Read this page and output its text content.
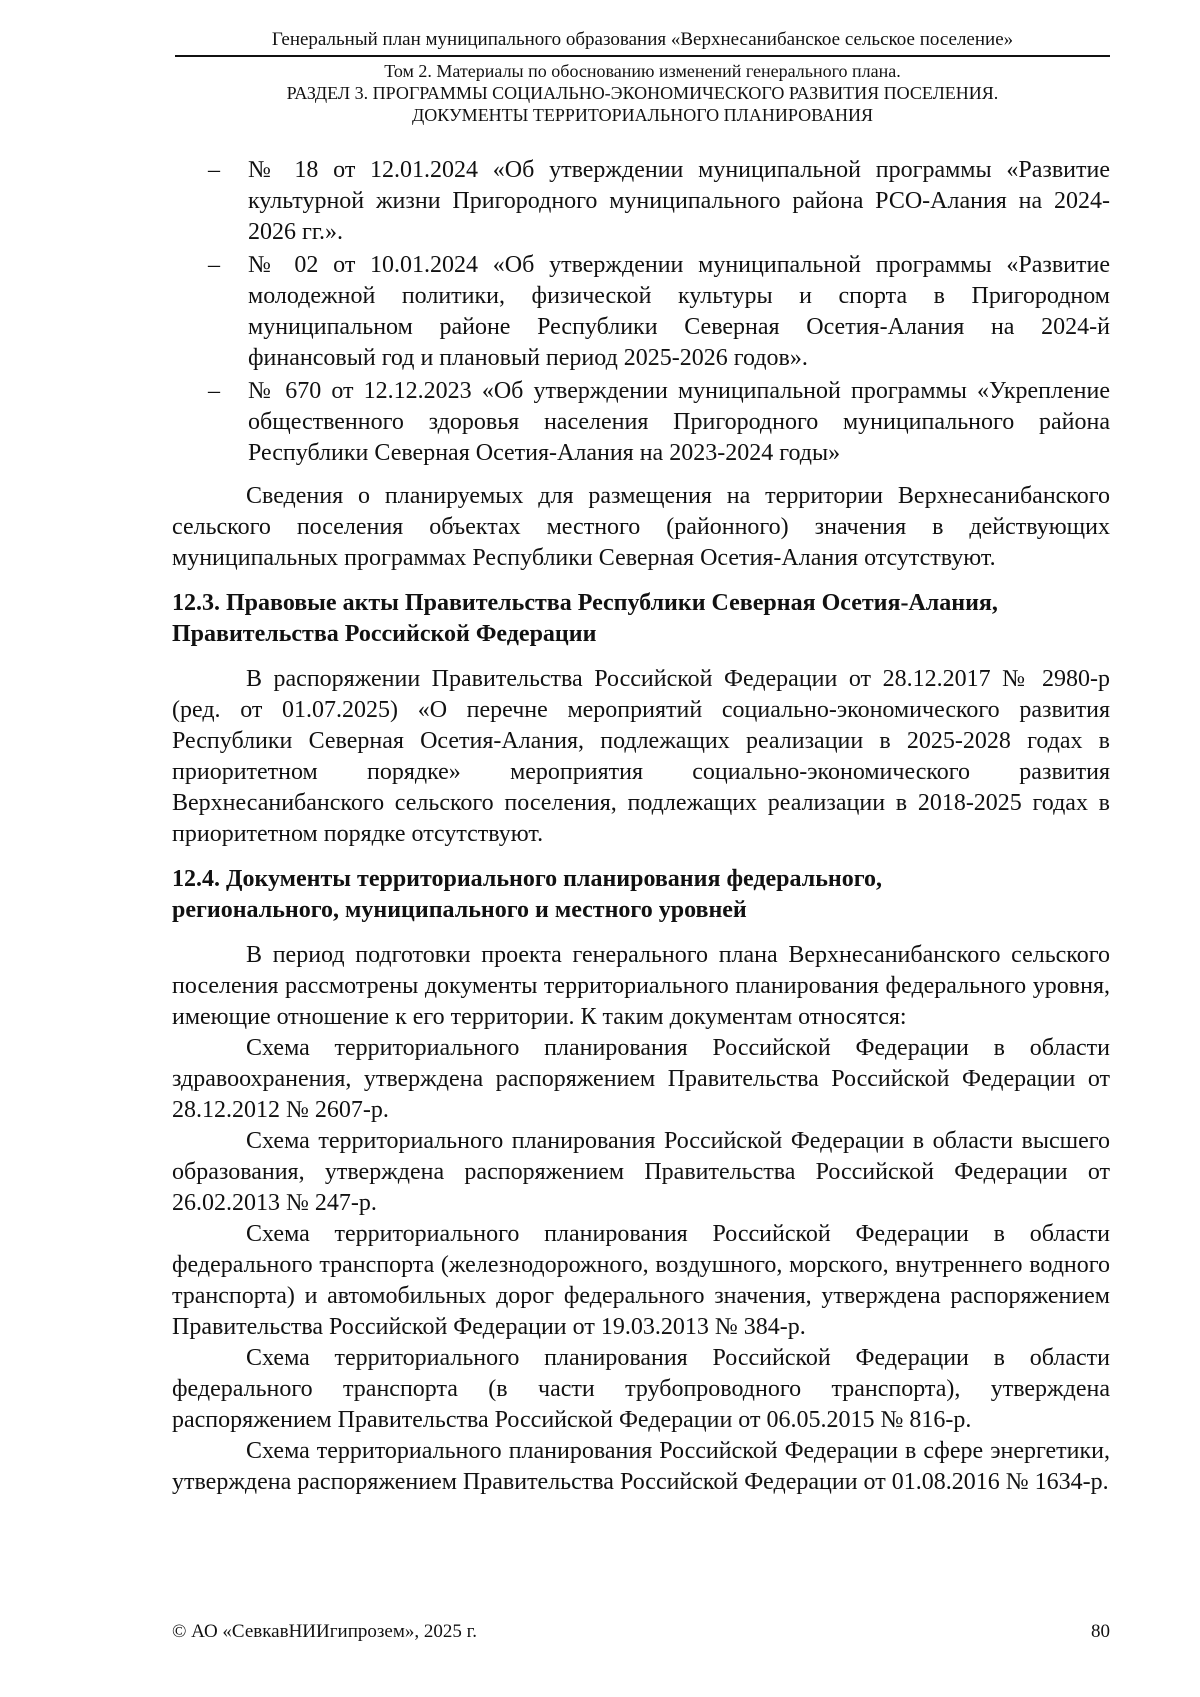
Генеральный план муниципального образования «Верхнесанибанское сельское поселение»
Том 2. Материалы по обоснованию изменений генерального плана.
РАЗДЕЛ 3. ПРОГРАММЫ СОЦИАЛЬНО-ЭКОНОМИЧЕСКОГО РАЗВИТИЯ ПОСЕЛЕНИЯ.
ДОКУМЕНТЫ ТЕРРИТОРИАЛЬНОГО ПЛАНИРОВАНИЯ
– № 18 от 12.01.2024 «Об утверждении муниципальной программы «Развитие культурной жизни Пригородного муниципального района РСО-Алания на 2024-2026 гг.».
– № 02 от 10.01.2024 «Об утверждении муниципальной программы «Развитие молодежной политики, физической культуры и спорта в Пригородном муниципальном районе Республики Северная Осетия-Алания на 2024-й финансовый год и плановый период 2025-2026 годов».
– № 670 от 12.12.2023 «Об утверждении муниципальной программы «Укрепление общественного здоровья населения Пригородного муниципального района Республики Северная Осетия-Алания на 2023-2024 годы»

Сведения о планируемых для размещения на территории Верхнесанибанского сельского поселения объектах местного (районного) значения в действующих муниципальных программах Республики Северная Осетия-Алания отсутствуют.

12.3. Правовые акты Правительства Республики Северная Осетия-Алания,
Правительства Российской Федерации

В распоряжении Правительства Российской Федерации от 28.12.2017 № 2980-р (ред. от 01.07.2025) «О перечне мероприятий социально-экономического развития Республики Северная Осетия-Алания, подлежащих реализации в 2025-2028 годах в приоритетном порядке» мероприятия социально-экономического развития Верхнесанибанского сельского поселения, подлежащих реализации в 2018-2025 годах в приоритетном порядке отсутствуют.

12.4. Документы территориального планирования федерального,
регионального, муниципального и местного уровней

В период подготовки проекта генерального плана Верхнесанибанского сельского поселения рассмотрены документы территориального планирования федерального уровня, имеющие отношение к его территории. К таким документам относятся:

Схема территориального планирования Российской Федерации в области здравоохранения, утверждена распоряжением Правительства Российской Федерации от 28.12.2012 № 2607-р.

Схема территориального планирования Российской Федерации в области высшего образования, утверждена распоряжением Правительства Российской Федерации от 26.02.2013 № 247-р.

Схема территориального планирования Российской Федерации в области федерального транспорта (железнодорожного, воздушного, морского, внутреннего водного транспорта) и автомобильных дорог федерального значения, утверждена распоряжением Правительства Российской Федерации от 19.03.2013 № 384-р.

Схема территориального планирования Российской Федерации в области федерального транспорта (в части трубопроводного транспорта), утверждена распоряжением Правительства Российской Федерации от 06.05.2015 № 816-р.

Схема территориального планирования Российской Федерации в сфере энергетики, утверждена распоряжением Правительства Российской Федерации от 01.08.2016 № 1634-р.

© АО «СевкавНИИгипрозем», 2025 г.	80
